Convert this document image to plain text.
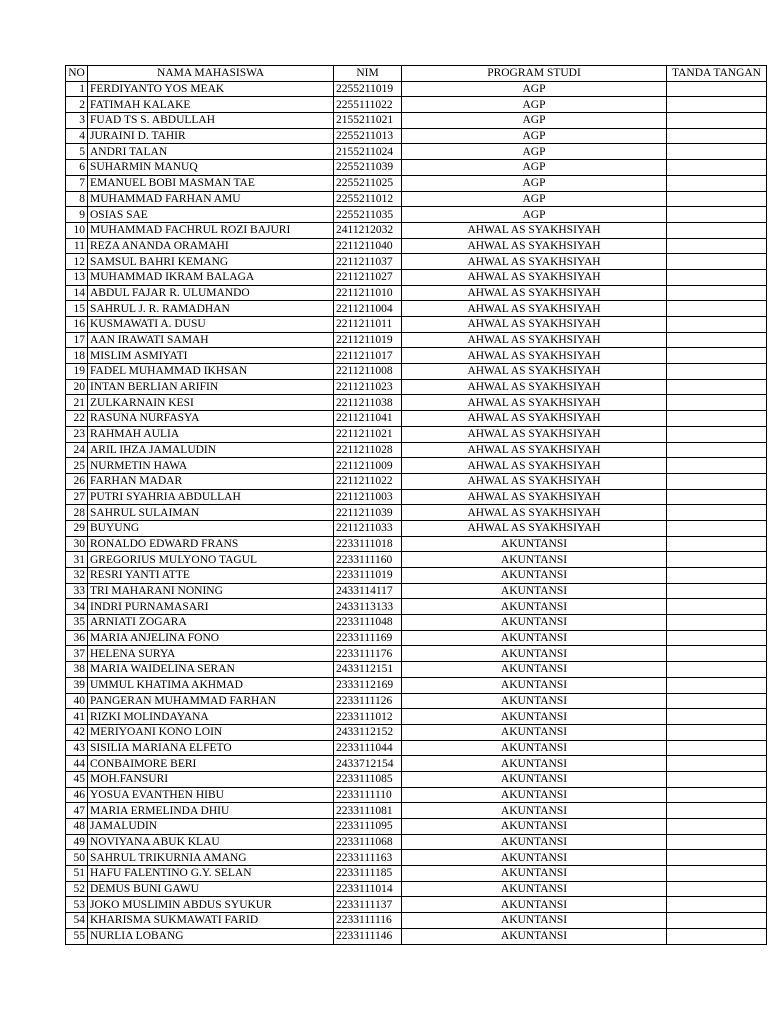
NO	NAMA MAHASISWA	NIM	PROGRAM STUDI	TANDA TANGAN
1	FERDIYANTO YOS MEAK	2255211019	AGP	
2	FATIMAH KALAKE	2255111022	AGP	
3	FUAD TS S. ABDULLAH	2155211021	AGP	
4	JURAINI D. TAHIR	2255211013	AGP	
5	ANDRI TALAN	2155211024	AGP	
6	SUHARMIN MANUQ	2255211039	AGP	
7	EMANUEL BOBI MASMAN TAE	2255211025	AGP	
8	MUHAMMAD FARHAN AMU	2255211012	AGP	
9	OSIAS SAE	2255211035	AGP	
10	MUHAMMAD FACHRUL ROZI BAJURI	2411212032	AHWAL AS SYAKHSIYAH	
11	REZA ANANDA ORAMAHI	2211211040	AHWAL AS SYAKHSIYAH	
12	SAMSUL BAHRI KEMANG	2211211037	AHWAL AS SYAKHSIYAH	
13	MUHAMMAD IKRAM BALAGA	2211211027	AHWAL AS SYAKHSIYAH	
14	ABDUL FAJAR R. ULUMANDO	2211211010	AHWAL AS SYAKHSIYAH	
15	SAHRUL J. R. RAMADHAN	2211211004	AHWAL AS SYAKHSIYAH	
16	KUSMAWATI A. DUSU	2211211011	AHWAL AS SYAKHSIYAH	
17	AAN IRAWATI SAMAH	2211211019	AHWAL AS SYAKHSIYAH	
18	MISLIM ASMIYATI	2211211017	AHWAL AS SYAKHSIYAH	
19	FADEL MUHAMMAD IKHSAN	2211211008	AHWAL AS SYAKHSIYAH	
20	INTAN BERLIAN ARIFIN	2211211023	AHWAL AS SYAKHSIYAH	
21	ZULKARNAIN KESI	2211211038	AHWAL AS SYAKHSIYAH	
22	RASUNA NURFASYA	2211211041	AHWAL AS SYAKHSIYAH	
23	RAHMAH AULIA	2211211021	AHWAL AS SYAKHSIYAH	
24	ARIL IHZA JAMALUDIN	2211211028	AHWAL AS SYAKHSIYAH	
25	NURMETIN HAWA	2211211009	AHWAL AS SYAKHSIYAH	
26	FARHAN MADAR	2211211022	AHWAL AS SYAKHSIYAH	
27	PUTRI SYAHRIA ABDULLAH	2211211003	AHWAL AS SYAKHSIYAH	
28	SAHRUL SULAIMAN	2211211039	AHWAL AS SYAKHSIYAH	
29	BUYUNG	2211211033	AHWAL AS SYAKHSIYAH	
30	RONALDO EDWARD FRANS	2233111018	AKUNTANSI	
31	GREGORIUS MULYONO TAGUL	2233111160	AKUNTANSI	
32	RESRI YANTI ATTE	2233111019	AKUNTANSI	
33	TRI MAHARANI NONING	2433114117	AKUNTANSI	
34	INDRI PURNAMASARI	2433113133	AKUNTANSI	
35	ARNIATI ZOGARA	2233111048	AKUNTANSI	
36	MARIA ANJELINA FONO	2233111169	AKUNTANSI	
37	HELENA SURYA	2233111176	AKUNTANSI	
38	MARIA WAIDELINA SERAN	2433112151	AKUNTANSI	
39	UMMUL KHATIMA AKHMAD	2333112169	AKUNTANSI	
40	PANGERAN MUHAMMAD FARHAN	2233111126	AKUNTANSI	
41	RIZKI MOLINDAYANA	2233111012	AKUNTANSI	
42	MERIYOANI KONO LOIN	2433112152	AKUNTANSI	
43	SISILIA MARIANA ELFETO	2233111044	AKUNTANSI	
44	CONBAIMORE BERI	2433712154	AKUNTANSI	
45	MOH.FANSURI	2233111085	AKUNTANSI	
46	YOSUA EVANTHEN HIBU	2233111110	AKUNTANSI	
47	MARIA ERMELINDA DHIU	2233111081	AKUNTANSI	
48	JAMALUDIN	2233111095	AKUNTANSI	
49	NOVIYANA ABUK KLAU	2233111068	AKUNTANSI	
50	SAHRUL TRIKURNIA AMANG	2233111163	AKUNTANSI	
51	HAFU FALENTINO G.Y. SELAN	2233111185	AKUNTANSI	
52	DEMUS BUNI GAWU	2233111014	AKUNTANSI	
53	JOKO MUSLIMIN ABDUS SYUKUR	2233111137	AKUNTANSI	
54	KHARISMA SUKMAWATI FARID	2233111116	AKUNTANSI	
55	NURLIA LOBANG	2233111146	AKUNTANSI	
